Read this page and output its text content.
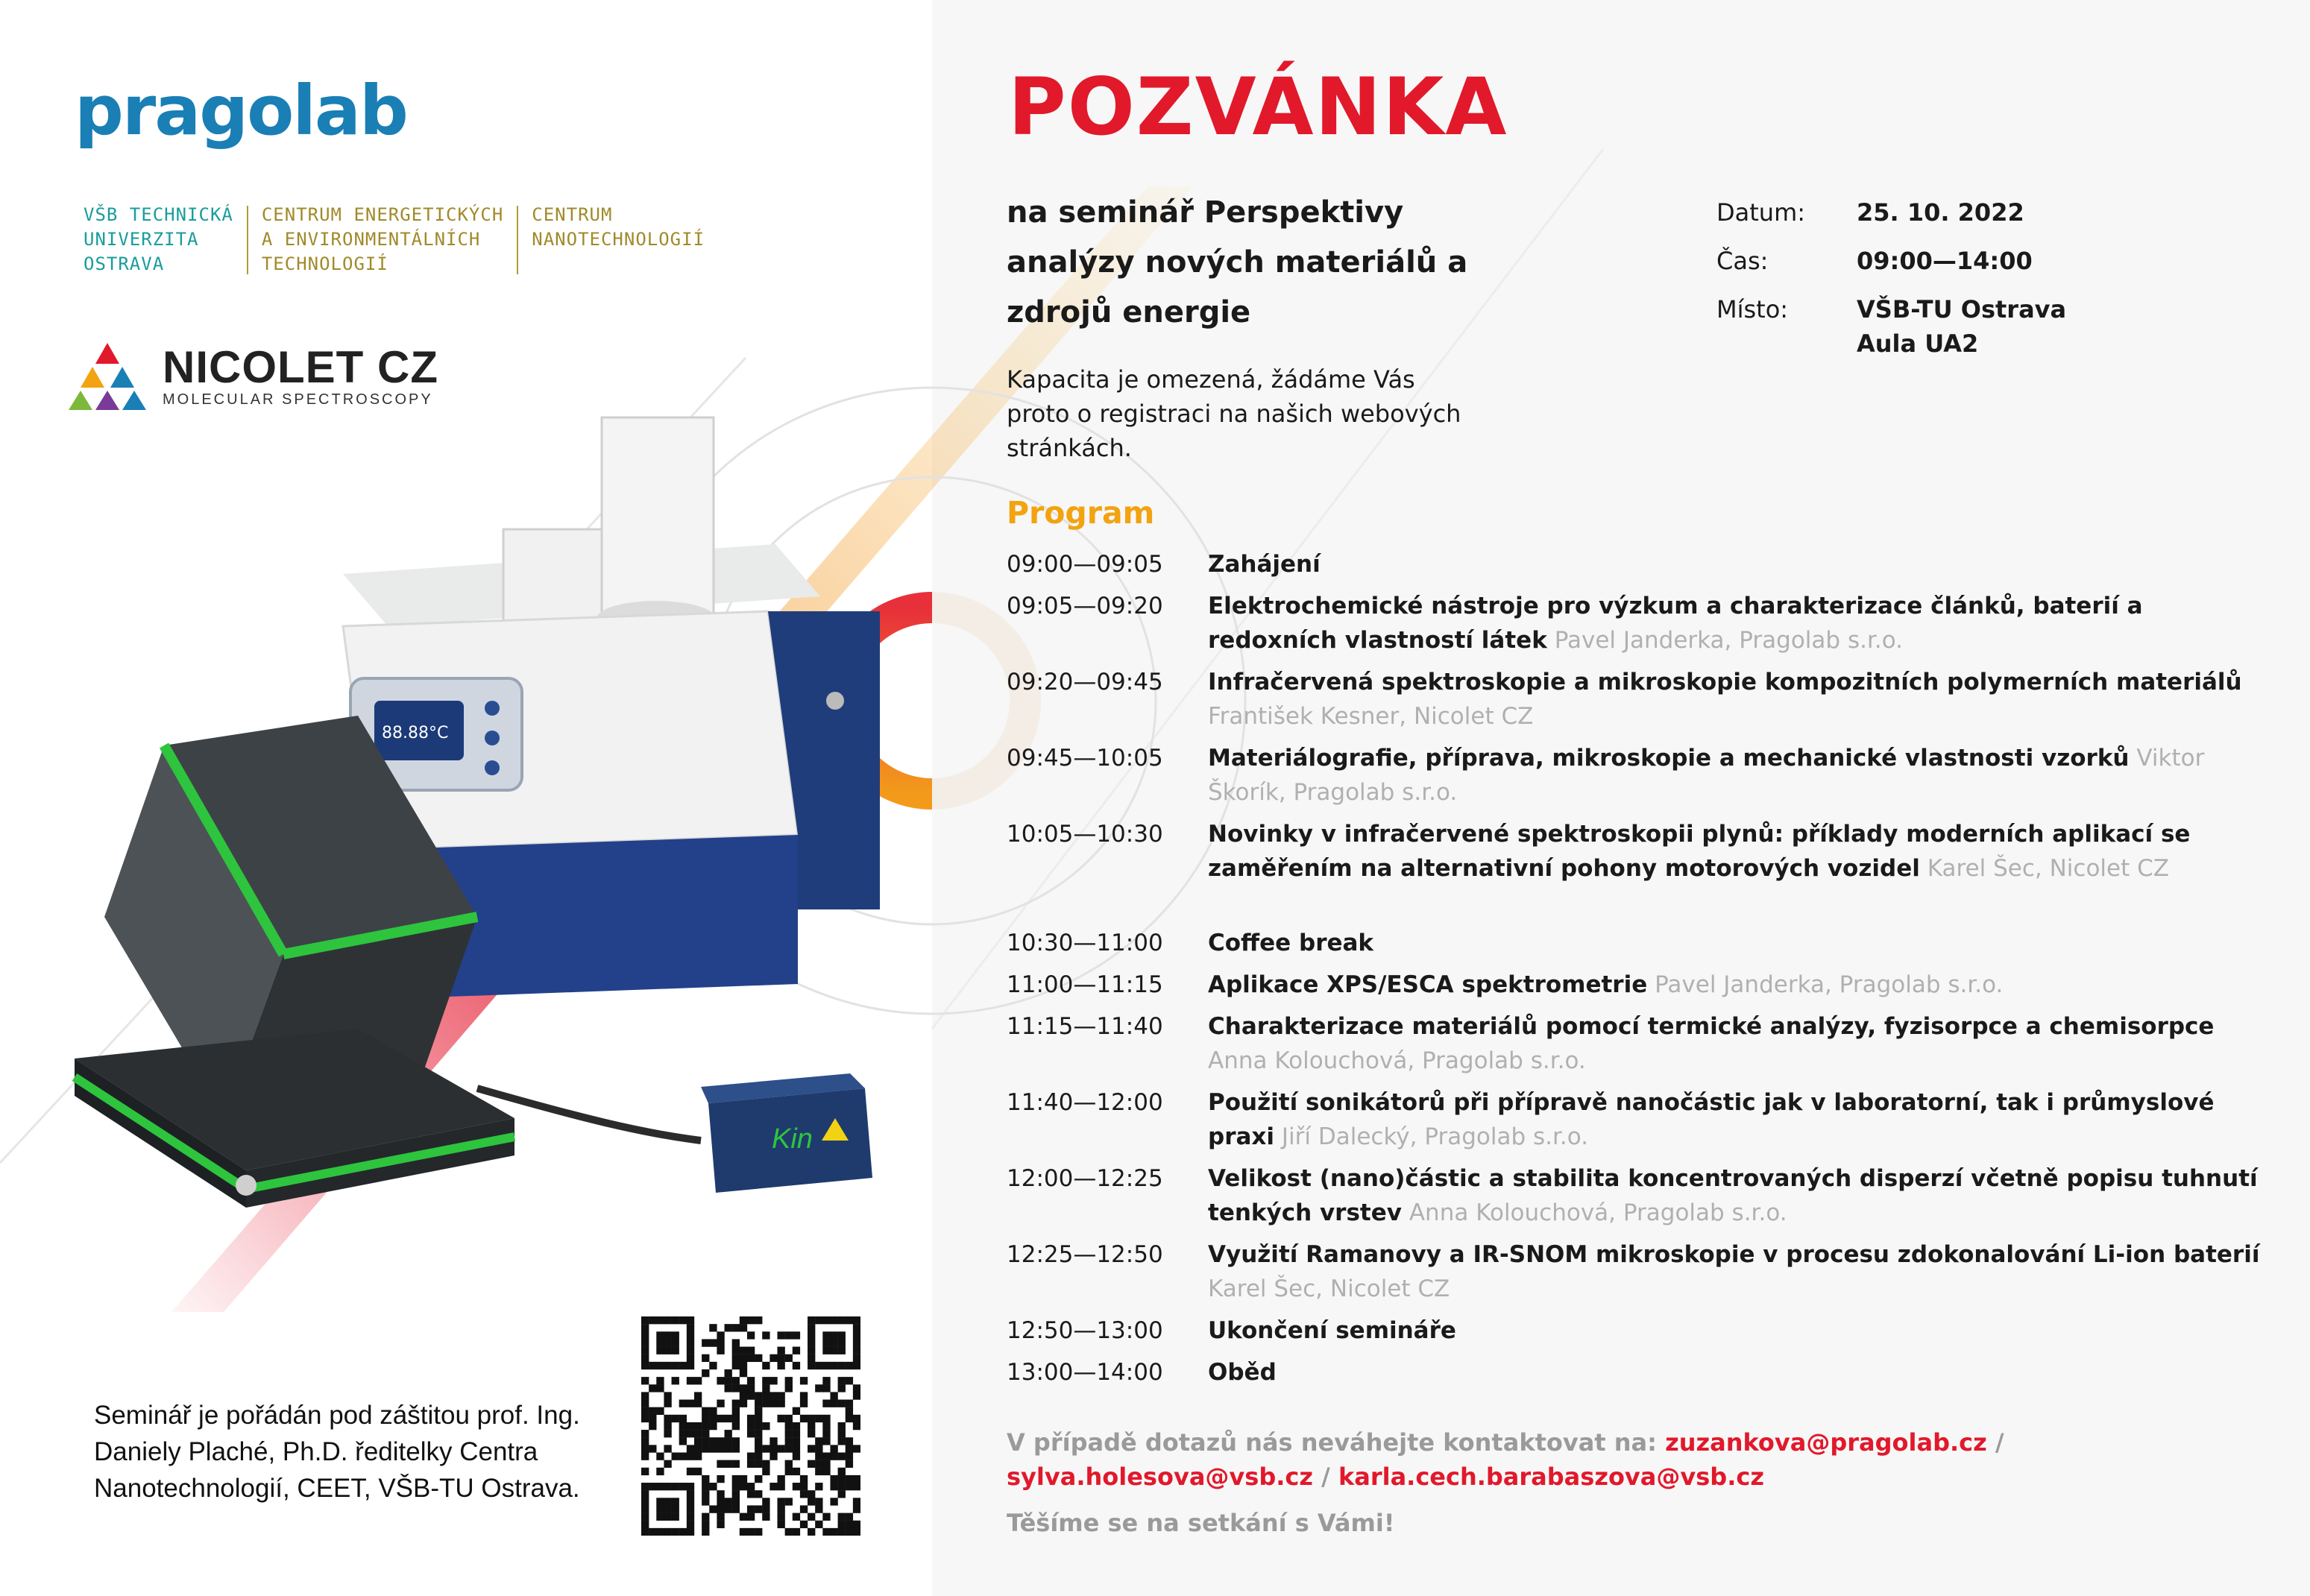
pragolab
VŠB TECHNICKÁ
UNIVERZITA
OSTRAVA
CENTRUM ENERGETICKÝCH
A ENVIRONMENTÁLNÍCH
TECHNOLOGIÍ
CENTRUM
NANOTECHNOLOGIÍ
NICOLET CZ
MOLECULAR SPECTROSCOPY
88.88°C
Kin
Seminář je pořádán pod záštitou prof. Ing. Daniely Plaché, Ph.D. ředitelky Centra Nanotechnologií, CEET, VŠB-TU Ostrava.
POZVÁNKA
na seminář Perspektivy analýzy nových materiálů a zdrojů energie
Datum:	25. 10. 2022
Čas:	09:00—14:00
Místo:	VŠB-TU Ostrava
Aula UA2
Kapacita je omezená, žádáme Vás proto o registraci na našich webových stránkách.
Program
09:00—09:05	Zahájení
09:05—09:20	Elektrochemické nástroje pro výzkum a charakterizace článků, baterií a redoxních vlastností látek Pavel Janderka, Pragolab s.r.o.
09:20—09:45	Infračervená spektroskopie a mikroskopie kompozitních polymerních materiálů František Kesner, Nicolet CZ
09:45—10:05	Materiálografie, příprava, mikroskopie a mechanické vlastnosti vzorků Viktor Škorík, Pragolab s.r.o.
10:05—10:30	Novinky v infračervené spektroskopii plynů: příklady moderních aplikací se zaměřením na alternativní pohony motorových vozidel Karel Šec, Nicolet CZ
10:30—11:00	Coffee break
11:00—11:15	Aplikace XPS/ESCA spektrometrie Pavel Janderka, Pragolab s.r.o.
11:15—11:40	Charakterizace materiálů pomocí termické analýzy, fyzisorpce a chemisorpce Anna Kolouchová, Pragolab s.r.o.
11:40—12:00	Použití sonikátorů při přípravě nanočástic jak v laboratorní, tak i průmyslové praxi Jiří Dalecký, Pragolab s.r.o.
12:00—12:25	Velikost (nano)částic a stabilita koncentrovaných disperzí včetně popisu tuhnutí tenkých vrstev Anna Kolouchová, Pragolab s.r.o.
12:25—12:50	Využití Ramanovy a IR-SNOM mikroskopie v procesu zdokonalování Li-ion baterií Karel Šec, Nicolet CZ
12:50—13:00	Ukončení semináře
13:00—14:00	Oběd
V případě dotazů nás neváhejte kontaktovat na: zuzankova@pragolab.cz /
sylva.holesova@vsb.cz / karla.cech.barabaszova@vsb.cz
Těšíme se na setkání s Vámi!
